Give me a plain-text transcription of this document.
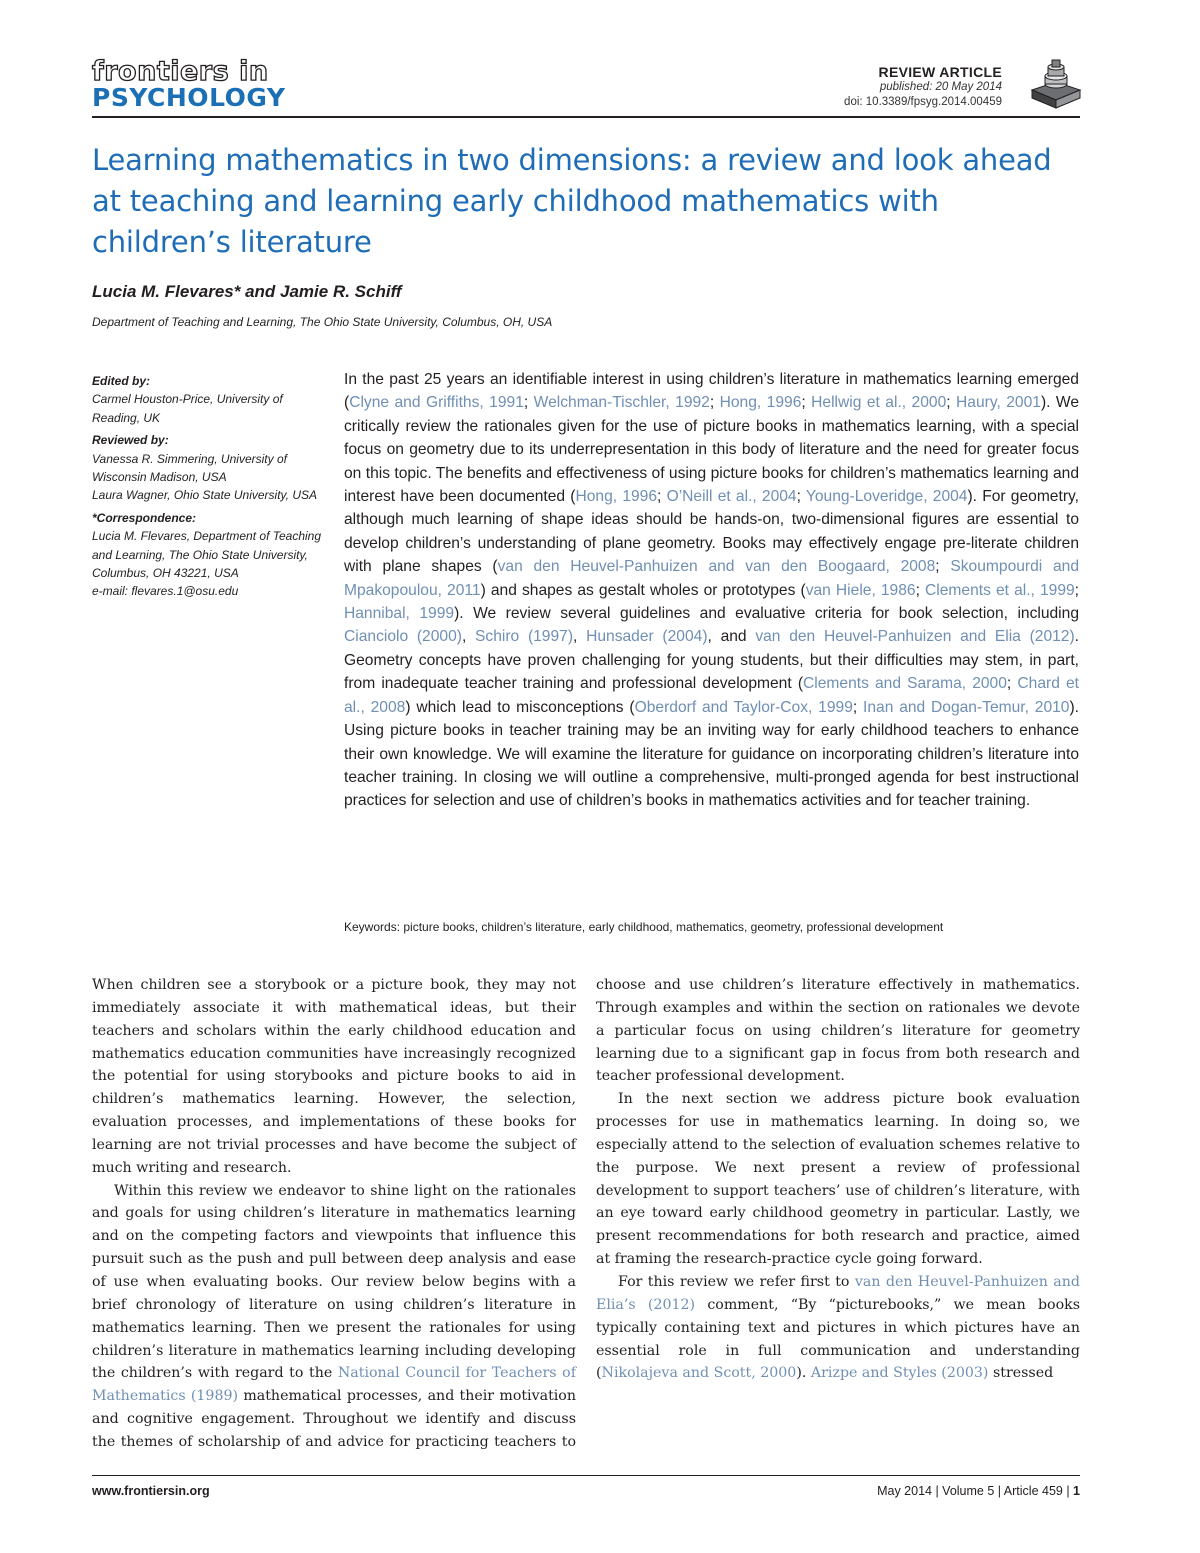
frontiers in
PSYCHOLOGY
REVIEW ARTICLE
published: 20 May 2014
doi: 10.3389/fpsyg.2014.00459
Learning mathematics in two dimensions: a review and look ahead at teaching and learning early childhood mathematics with children’s literature
Lucia M. Flevares* and Jamie R. Schiff
Department of Teaching and Learning, The Ohio State University, Columbus, OH, USA
Edited by:
Carmel Houston-Price, University of Reading, UK
Reviewed by:
Vanessa R. Simmering, University of Wisconsin Madison, USA
Laura Wagner, Ohio State University, USA
*Correspondence:
Lucia M. Flevares, Department of Teaching and Learning, The Ohio State University, Columbus, OH 43221, USA
e-mail: flevares.1@osu.edu

In the past 25 years an identifiable interest in using children’s literature in mathematics learning emerged (Clyne and Griffiths, 1991; Welchman-Tischler, 1992; Hong, 1996; Hellwig et al., 2000; Haury, 2001). We critically review the rationales given for the use of picture books in mathematics learning, with a special focus on geometry due to its underrepresentation in this body of literature and the need for greater focus on this topic. The benefits and effectiveness of using picture books for children’s mathematics learning and interest have been documented (Hong, 1996; O’Neill et al., 2004; Young-Loveridge, 2004). For geometry, although much learning of shape ideas should be hands-on, two-dimensional figures are essential to develop children’s understanding of plane geometry. Books may effectively engage pre-literate children with plane shapes (van den Heuvel-Panhuizen and van den Boogaard, 2008; Skoumpourdi and Mpakopoulou, 2011) and shapes as gestalt wholes or prototypes (van Hiele, 1986; Clements et al., 1999; Hannibal, 1999). We review several guidelines and evaluative criteria for book selection, including Cianciolo (2000), Schiro (1997), Hunsader (2004), and van den Heuvel-Panhuizen and Elia (2012). Geometry concepts have proven challenging for young students, but their difficulties may stem, in part, from inadequate teacher training and professional development (Clements and Sarama, 2000; Chard et al., 2008) which lead to misconceptions (Oberdorf and Taylor-Cox, 1999; Inan and Dogan-Temur, 2010). Using picture books in teacher training may be an inviting way for early childhood teachers to enhance their own knowledge. We will examine the literature for guidance on incorporating children’s literature into teacher training. In closing we will outline a comprehensive, multi-pronged agenda for best instructional practices for selection and use of children’s books in mathematics activities and for teacher training.

Keywords: picture books, children’s literature, early childhood, mathematics, geometry, professional development

When children see a storybook or a picture book, they may not immediately associate it with mathematical ideas, but their teachers and scholars within the early childhood education and mathematics education communities have increasingly recognized the potential for using storybooks and picture books to aid in children’s mathematics learning. However, the selection, evaluation processes, and implementations of these books for learning are not trivial processes and have become the subject of much writing and research.

Within this review we endeavor to shine light on the rationales and goals for using children’s literature in mathematics learning and on the competing factors and viewpoints that influence this pursuit such as the push and pull between deep analysis and ease of use when evaluating books. Our review below begins with a brief chronology of literature on using children’s literature in mathematics learning. Then we present the rationales for using children’s literature in mathematics learning including developing the children’s with regard to the National Council for Teachers of Mathematics (1989) mathematical processes, and their motivation and cognitive engagement. Throughout we identify and discuss the themes of scholarship of and advice for practicing teachers to

choose and use children’s literature effectively in mathematics. Through examples and within the section on rationales we devote a particular focus on using children’s literature for geometry learning due to a significant gap in focus from both research and teacher professional development.

In the next section we address picture book evaluation processes for use in mathematics learning. In doing so, we especially attend to the selection of evaluation schemes relative to the purpose. We next present a review of professional development to support teachers’ use of children’s literature, with an eye toward early childhood geometry in particular. Lastly, we present recommendations for both research and practice, aimed at framing the research-practice cycle going forward.

For this review we refer first to van den Heuvel-Panhuizen and Elia’s (2012) comment, “By “picturebooks,” we mean books typically containing text and pictures in which pictures have an essential role in full communication and understanding (Nikolajeva and Scott, 2000). Arizpe and Styles (2003) stressed

www.frontiersin.org	May 2014 | Volume 5 | Article 459 | 1
